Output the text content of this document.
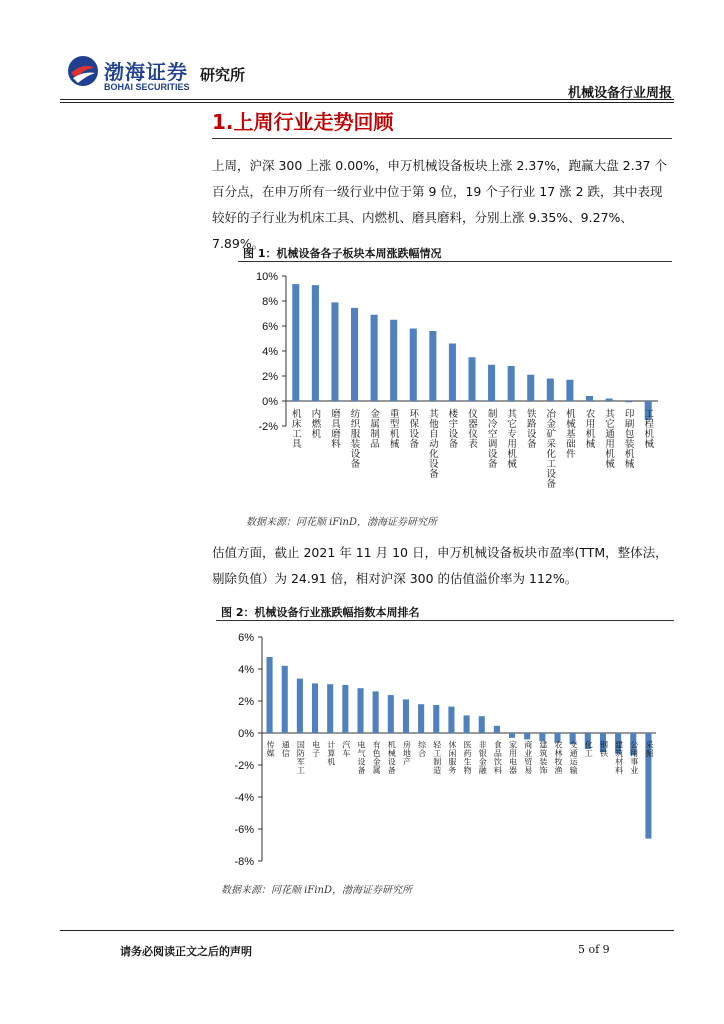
渤海证券
BOHAI SECURITIES
研究所
机械设备行业周报
1.上周行业走势回顾
上周，沪深 300 上涨 0.00%，申万机械设备板块上涨 2.37%，跑赢大盘 2.37 个百分点，在申万所有一级行业中位于第 9 位，19 个子行业 17 涨 2 跌，其中表现较好的子行业为机床工具、内燃机、磨具磨料，分别上涨 9.35%、9.27%、7.89%。
图 1：机械设备各子板块本周涨跌幅情况
10%
8%
6%
4%
2%
0%
-2%
机床工具
内燃机
磨具磨料
纺织服装设备
金属制品
重型机械
环保设备
其他自动化设备
楼宇设备
仪器仪表
制冷空调设备
其它专用机械
铁路设备
冶金矿采化工设备
机械基础件
农用机械
其它通用机械
印刷包装机械
工程机械
数据来源：同花顺 iFinD，渤海证券研究所
估值方面，截止 2021 年 11 月 10 日，申万机械设备板块市盈率(TTM，整体法，剔除负值）为 24.91 倍，相对沪深 300 的估值溢价率为 112%。
图 2：机械设备行业涨跌幅指数本周排名
6%
4%
2%
0%
-2%
-4%
-6%
-8%
传媒
通信
国防军工
电子
计算机
汽车
电气设备
有色金属
机械设备
房地产
综合
轻工制造
休闲服务
医药生物
非银金融
食品饮料
家用电器
商业贸易
建筑装饰
农林牧渔
交通运输
化工
钢铁
建筑材料
公用事业
采掘
数据来源：同花顺 iFinD，渤海证券研究所
请务必阅读正文之后的声明	5 of 9
